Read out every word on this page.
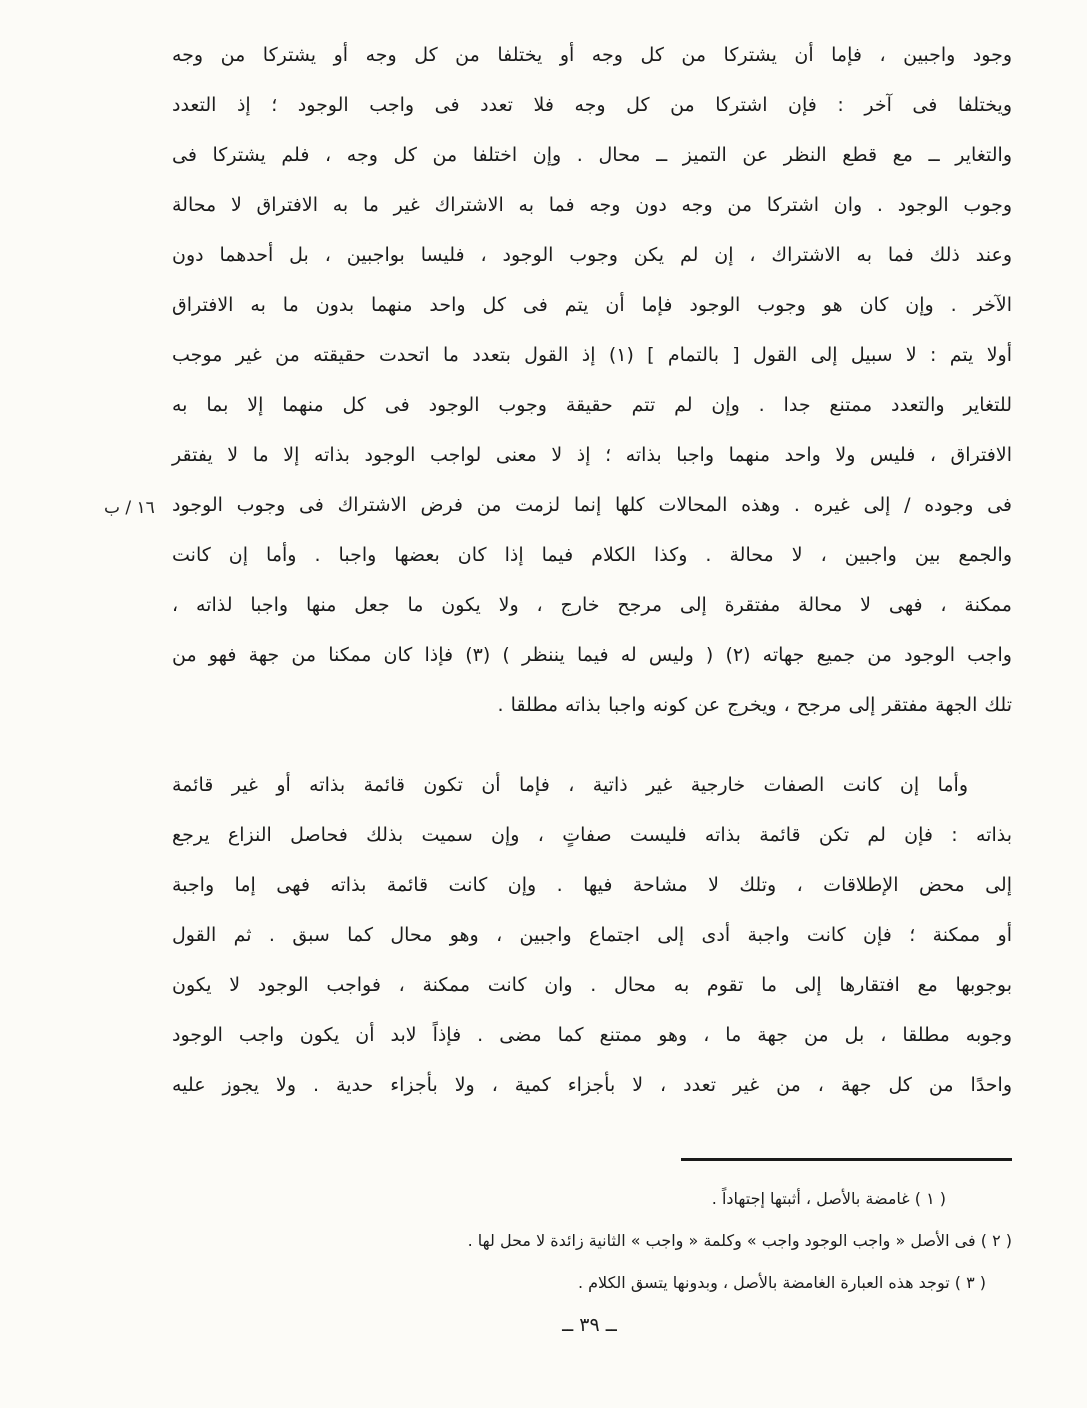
١٦ / ب
وجود واجبين ، فإما أن يشتركا من كل وجه أو يختلفا من كل وجه أو يشتركا من وجه
ويختلفا فى آخر : فإن اشتركا من كل وجه فلا تعدد فى واجب الوجود ؛ إذ التعدد
والتغاير ــ مع قطع النظر عن التميز ــ محال . وإن اختلفا من كل وجه ، فلم يشتركا فى
وجوب الوجود . وان اشتركا من وجه دون وجه فما به الاشتراك غير ما به الافتراق لا محالة
وعند ذلك فما به الاشتراك ، إن لم يكن وجوب الوجود ، فليسا بواجبين ، بل أحدهما دون
الآخر . وإن كان هو وجوب الوجود فإما أن يتم فى كل واحد منهما بدون ما به الافتراق
أولا يتم : لا سبيل إلى القول [ بالتمام ] (١) إذ القول بتعدد ما اتحدت حقيقته من غير موجب
للتغاير والتعدد ممتنع جدا . وإن لم تتم حقيقة وجوب الوجود فى كل منهما إلا بما به
الافتراق ، فليس ولا واحد منهما واجبا بذاته ؛ إذ لا معنى لواجب الوجود بذاته إلا ما لا يفتقر
فى وجوده / إلى غيره . وهذه المحالات كلها إنما لزمت من فرض الاشتراك فى وجوب الوجود
والجمع بين واجبين ، لا محالة . وكذا الكلام فيما إذا كان بعضها واجبا . وأما إن كانت
ممكنة ، فهى لا محالة مفتقرة إلى مرجح خارج ، ولا يكون ما جعل منها واجبا لذاته ،
واجب الوجود من جميع جهاته (٢) ( وليس له فيما يننظر ) (٣) فإذا كان ممكنا من جهة فهو من
تلك الجهة مفتقر إلى مرجح ، ويخرج عن كونه واجبا بذاته مطلقا .
وأما إن كانت الصفات خارجية غير ذاتية ، فإما أن تكون قائمة بذاته أو غير قائمة
بذاته : فإن لم تكن قائمة بذاته فليست صفاتٍ ، وإن سميت بذلك فحاصل النزاع يرجع
إلى محض الإطلاقات ، وتلك لا مشاحة فيها . وإن كانت قائمة بذاته فهى إما واجبة
أو ممكنة ؛ فإن كانت واجبة أدى إلى اجتماع واجبين ، وهو محال كما سبق . ثم القول
بوجوبها مع افتقارها إلى ما تقوم به محال . وان كانت ممكنة ، فواجب الوجود لا يكون
وجوبه مطلقا ، بل من جهة ما ، وهو ممتنع كما مضى . فإذاً لابد أن يكون واجب الوجود
واحدًا من كل جهة ، من غير تعدد ، لا بأجزاء كمية ، ولا بأجزاء حدية . ولا يجوز عليه
( ١ ) غامضة بالأصل ، أثبتها إجتهاداً .
( ٢ ) فى الأصل « واجب الوجود واجب » وكلمة « واجب » الثانية زائدة لا محل لها .
( ٣ ) توجد هذه العبارة الغامضة بالأصل ، وبدونها يتسق الكلام .
ــ ٣٩ ــ
